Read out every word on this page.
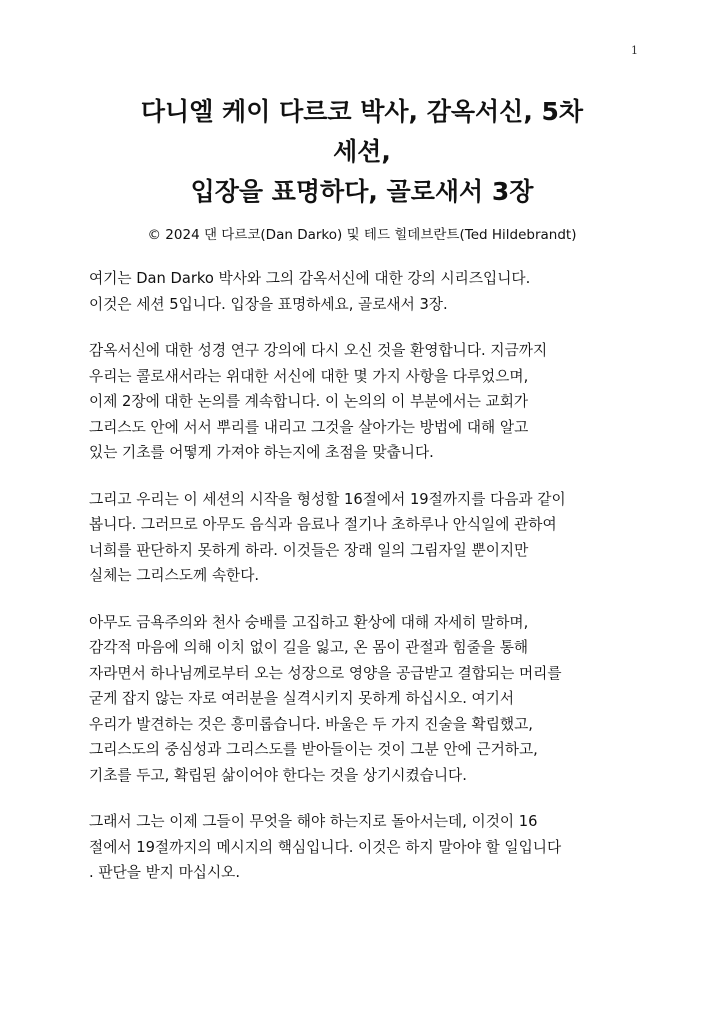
1
다니엘 케이 다르코 박사, 감옥서신, 5차
세션,
입장을 표명하다, 골로새서 3장
© 2024 댄 다르코(Dan Darko) 및 테드 힐데브란트(Ted Hildebrandt)

여기는 Dan Darko 박사와 그의 감옥서신에 대한 강의 시리즈입니다.
이것은 세션 5입니다. 입장을 표명하세요, 골로새서 3장.

감옥서신에 대한 성경 연구 강의에 다시 오신 것을 환영합니다. 지금까지
우리는 콜로새서라는 위대한 서신에 대한 몇 가지 사항을 다루었으며,
이제 2장에 대한 논의를 계속합니다. 이 논의의 이 부분에서는 교회가
그리스도 안에 서서 뿌리를 내리고 그것을 살아가는 방법에 대해 알고
있는 기초를 어떻게 가져야 하는지에 초점을 맞춥니다.

그리고 우리는 이 세션의 시작을 형성할 16절에서 19절까지를 다음과 같이
봅니다. 그러므로 아무도 음식과 음료나 절기나 초하루나 안식일에 관하여
너희를 판단하지 못하게 하라. 이것들은 장래 일의 그림자일 뿐이지만
실체는 그리스도께 속한다.

아무도 금욕주의와 천사 숭배를 고집하고 환상에 대해 자세히 말하며,
감각적 마음에 의해 이치 없이 길을 잃고, 온 몸이 관절과 힘줄을 통해
자라면서 하나님께로부터 오는 성장으로 영양을 공급받고 결합되는 머리를
굳게 잡지 않는 자로 여러분을 실격시키지 못하게 하십시오. 여기서
우리가 발견하는 것은 흥미롭습니다. 바울은 두 가지 진술을 확립했고,
그리스도의 중심성과 그리스도를 받아들이는 것이 그분 안에 근거하고,
기초를 두고, 확립된 삶이어야 한다는 것을 상기시켰습니다.

그래서 그는 이제 그들이 무엇을 해야 하는지로 돌아서는데, 이것이 16
절에서 19절까지의 메시지의 핵심입니다. 이것은 하지 말아야 할 일입니다
. 판단을 받지 마십시오.
